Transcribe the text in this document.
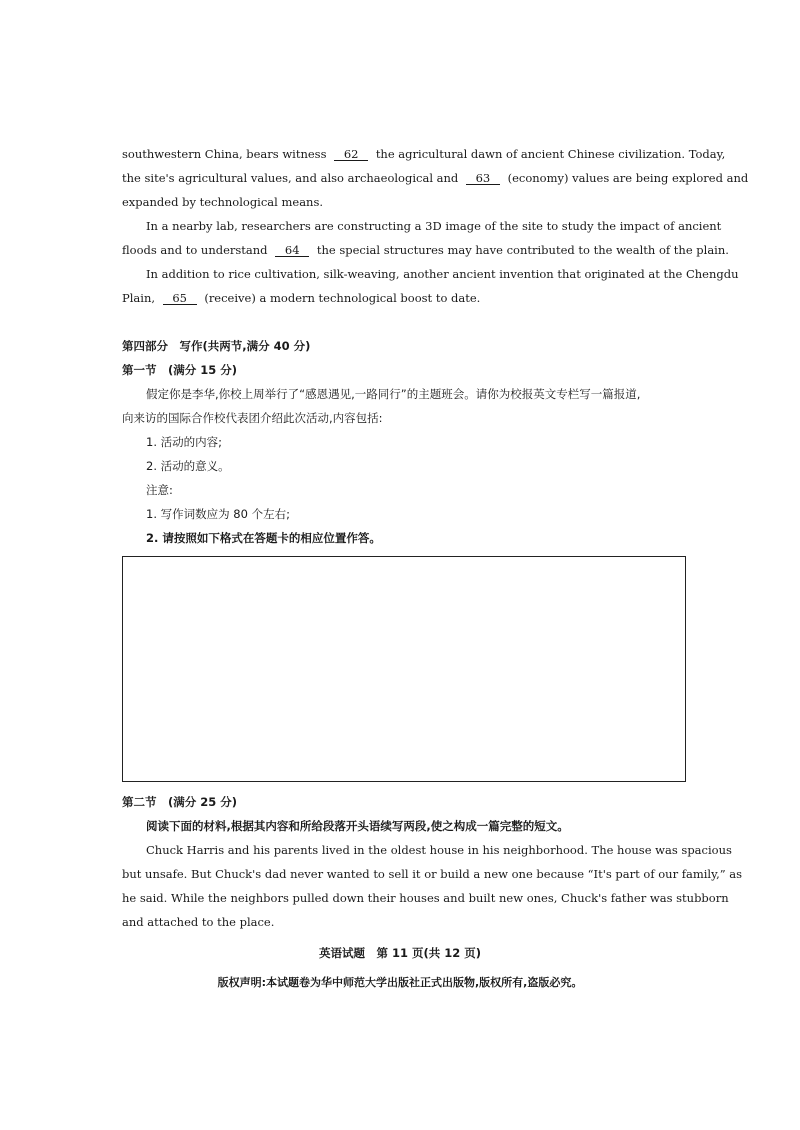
southwestern China, bears witness 62 the agricultural dawn of ancient Chinese civilization. Today,
the site's agricultural values, and also archaeological and 63 (economy) values are being explored and
expanded by technological means.
In a nearby lab, researchers are constructing a 3D image of the site to study the impact of ancient
floods and to understand 64 the special structures may have contributed to the wealth of the plain.
In addition to rice cultivation, silk-weaving, another ancient invention that originated at the Chengdu
Plain, 65 (receive) a modern technological boost to date.
第四部分　写作(共两节,满分 40 分)
第一节　(满分 15 分)
假定你是李华,你校上周举行了“感恩遇见,一路同行”的主题班会。请你为校报英文专栏写一篇报道,
向来访的国际合作校代表团介绍此次活动,内容包括:
1. 活动的内容;
2. 活动的意义。
注意:
1. 写作词数应为 80 个左右;
2. 请按照如下格式在答题卡的相应位置作答。
第二节　(满分 25 分)
阅读下面的材料,根据其内容和所给段落开头语续写两段,使之构成一篇完整的短文。
Chuck Harris and his parents lived in the oldest house in his neighborhood. The house was spacious
but unsafe. But Chuck's dad never wanted to sell it or build a new one because “It's part of our family,” as
he said. While the neighbors pulled down their houses and built new ones, Chuck's father was stubborn
and attached to the place.
英语试题　第 11 页(共 12 页)
版权声明:本试题卷为华中师范大学出版社正式出版物,版权所有,盗版必究。
